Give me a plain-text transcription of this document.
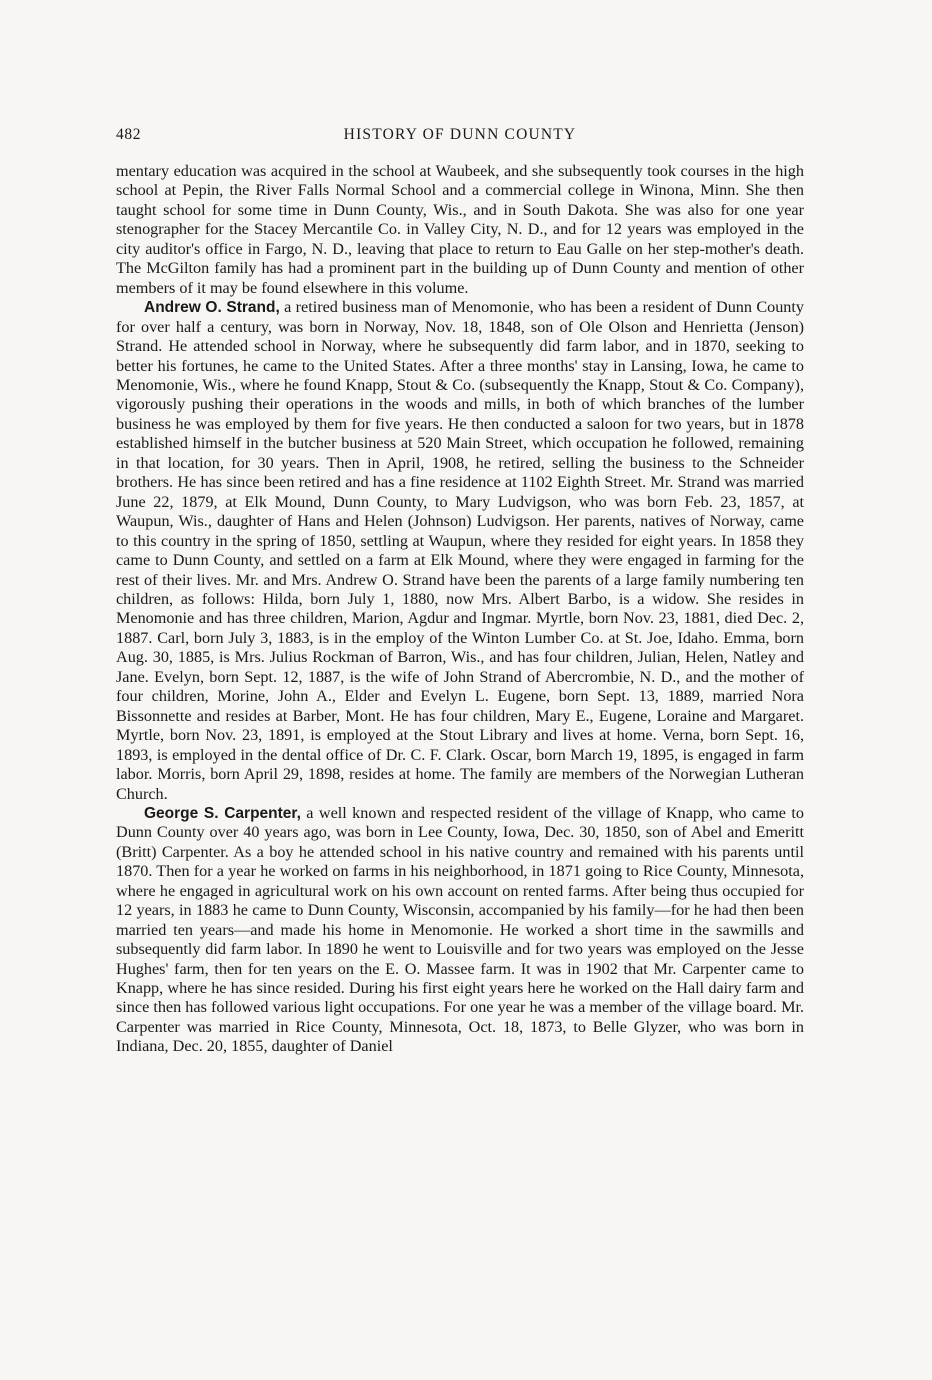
482	HISTORY OF DUNN COUNTY

mentary education was acquired in the school at Waubeek, and she subsequently took courses in the high school at Pepin, the River Falls Normal School and a commercial college in Winona, Minn. She then taught school for some time in Dunn County, Wis., and in South Dakota. She was also for one year stenographer for the Stacey Mercantile Co. in Valley City, N. D., and for 12 years was employed in the city auditor's office in Fargo, N. D., leaving that place to return to Eau Galle on her step-mother's death. The McGilton family has had a prominent part in the building up of Dunn County and mention of other members of it may be found elsewhere in this volume.

Andrew O. Strand, a retired business man of Menomonie, who has been a resident of Dunn County for over half a century, was born in Norway, Nov. 18, 1848, son of Ole Olson and Henrietta (Jenson) Strand. He attended school in Norway, where he subsequently did farm labor, and in 1870, seeking to better his fortunes, he came to the United States. After a three months' stay in Lansing, Iowa, he came to Menomonie, Wis., where he found Knapp, Stout & Co. (subsequently the Knapp, Stout & Co. Company), vigorously pushing their operations in the woods and mills, in both of which branches of the lumber business he was employed by them for five years. He then conducted a saloon for two years, but in 1878 established himself in the butcher business at 520 Main Street, which occupation he followed, remaining in that location, for 30 years. Then in April, 1908, he retired, selling the business to the Schneider brothers. He has since been retired and has a fine residence at 1102 Eighth Street. Mr. Strand was married June 22, 1879, at Elk Mound, Dunn County, to Mary Ludvigson, who was born Feb. 23, 1857, at Waupun, Wis., daughter of Hans and Helen (Johnson) Ludvigson. Her parents, natives of Norway, came to this country in the spring of 1850, settling at Waupun, where they resided for eight years. In 1858 they came to Dunn County, and settled on a farm at Elk Mound, where they were engaged in farming for the rest of their lives. Mr. and Mrs. Andrew O. Strand have been the parents of a large family numbering ten children, as follows: Hilda, born July 1, 1880, now Mrs. Albert Barbo, is a widow. She resides in Menomonie and has three children, Marion, Agdur and Ingmar. Myrtle, born Nov. 23, 1881, died Dec. 2, 1887. Carl, born July 3, 1883, is in the employ of the Winton Lumber Co. at St. Joe, Idaho. Emma, born Aug. 30, 1885, is Mrs. Julius Rockman of Barron, Wis., and has four children, Julian, Helen, Natley and Jane. Evelyn, born Sept. 12, 1887, is the wife of John Strand of Abercrombie, N. D., and the mother of four children, Morine, John A., Elder and Evelyn L. Eugene, born Sept. 13, 1889, married Nora Bissonnette and resides at Barber, Mont. He has four children, Mary E., Eugene, Loraine and Margaret. Myrtle, born Nov. 23, 1891, is employed at the Stout Library and lives at home. Verna, born Sept. 16, 1893, is employed in the dental office of Dr. C. F. Clark. Oscar, born March 19, 1895, is engaged in farm labor. Morris, born April 29, 1898, resides at home. The family are members of the Norwegian Lutheran Church.

George S. Carpenter, a well known and respected resident of the village of Knapp, who came to Dunn County over 40 years ago, was born in Lee County, Iowa, Dec. 30, 1850, son of Abel and Emeritt (Britt) Carpenter. As a boy he attended school in his native country and remained with his parents until 1870. Then for a year he worked on farms in his neighborhood, in 1871 going to Rice County, Minnesota, where he engaged in agricultural work on his own account on rented farms. After being thus occupied for 12 years, in 1883 he came to Dunn County, Wisconsin, accompanied by his family—for he had then been married ten years—and made his home in Menomonie. He worked a short time in the sawmills and subsequently did farm labor. In 1890 he went to Louisville and for two years was employed on the Jesse Hughes' farm, then for ten years on the E. O. Massee farm. It was in 1902 that Mr. Carpenter came to Knapp, where he has since resided. During his first eight years here he worked on the Hall dairy farm and since then has followed various light occupations. For one year he was a member of the village board. Mr. Carpenter was married in Rice County, Minnesota, Oct. 18, 1873, to Belle Glyzer, who was born in Indiana, Dec. 20, 1855, daughter of Daniel
